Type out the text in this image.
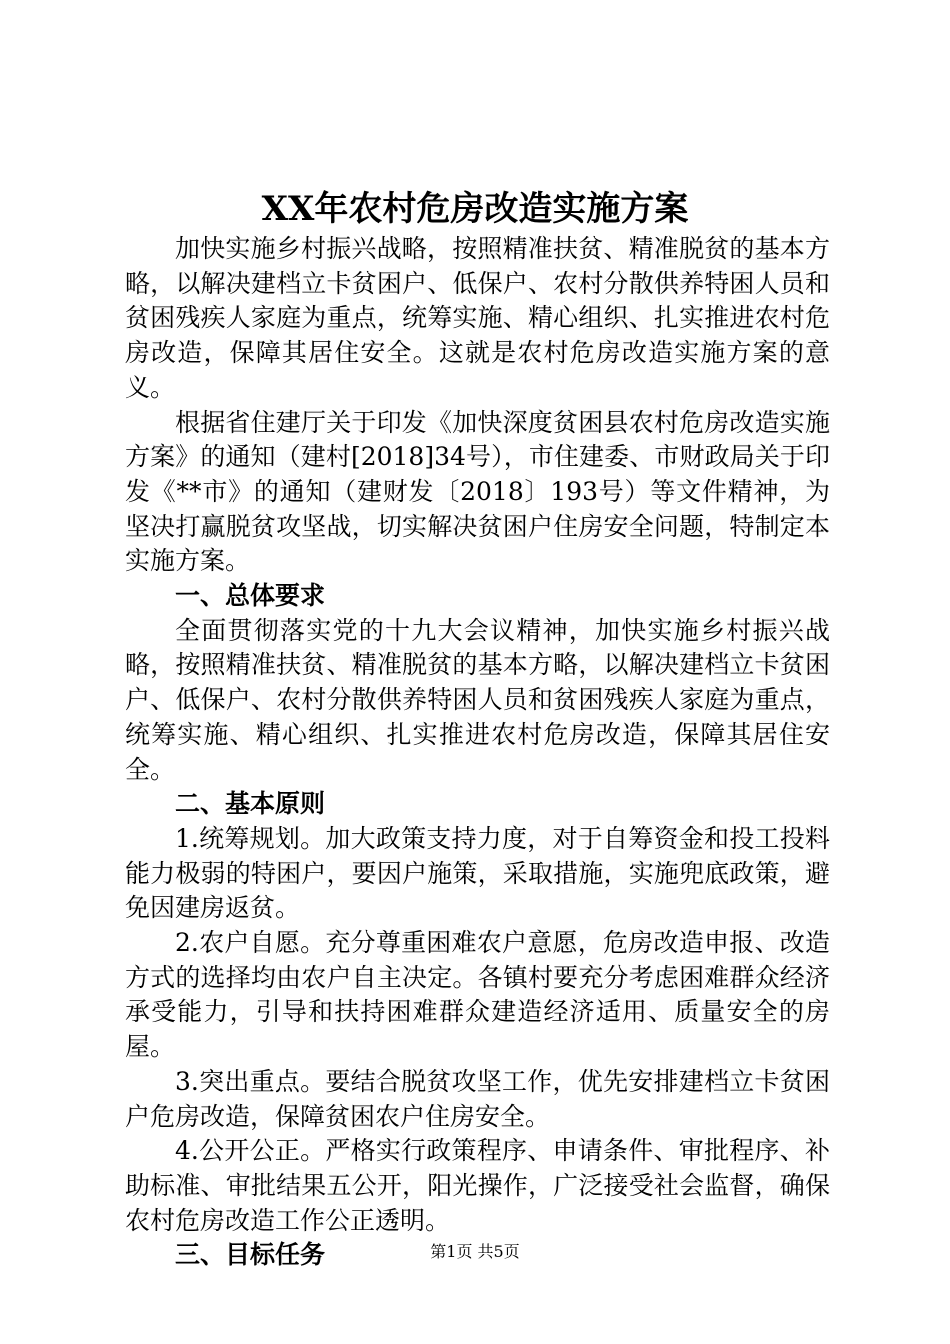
XX年农村危房改造实施方案

加快实施乡村振兴战略，按照精准扶贫、精准脱贫的基本方略，以解决建档立卡贫困户、低保户、农村分散供养特困人员和贫困残疾人家庭为重点，统筹实施、精心组织、扎实推进农村危房改造，保障其居住安全。这就是农村危房改造实施方案的意义。

根据省住建厅关于印发《加快深度贫困县农村危房改造实施方案》的通知（建村[2018]34号），市住建委、市财政局关于印发《**市》的通知（建财发〔2018〕193号）等文件精神，为坚决打赢脱贫攻坚战，切实解决贫困户住房安全问题，特制定本实施方案。

一、总体要求

全面贯彻落实党的十九大会议精神，加快实施乡村振兴战略，按照精准扶贫、精准脱贫的基本方略，以解决建档立卡贫困户、低保户、农村分散供养特困人员和贫困残疾人家庭为重点，统筹实施、精心组织、扎实推进农村危房改造，保障其居住安全。

二、基本原则

1.统筹规划。加大政策支持力度，对于自筹资金和投工投料能力极弱的特困户，要因户施策，采取措施，实施兜底政策，避免因建房返贫。

2.农户自愿。充分尊重困难农户意愿，危房改造申报、改造方式的选择均由农户自主决定。各镇村要充分考虑困难群众经济承受能力，引导和扶持困难群众建造经济适用、质量安全的房屋。

3.突出重点。要结合脱贫攻坚工作，优先安排建档立卡贫困户危房改造，保障贫困农户住房安全。

4.公开公正。严格实行政策程序、申请条件、审批程序、补助标准、审批结果五公开，阳光操作，广泛接受社会监督，确保农村危房改造工作公正透明。

三、目标任务	第1页 共5页
